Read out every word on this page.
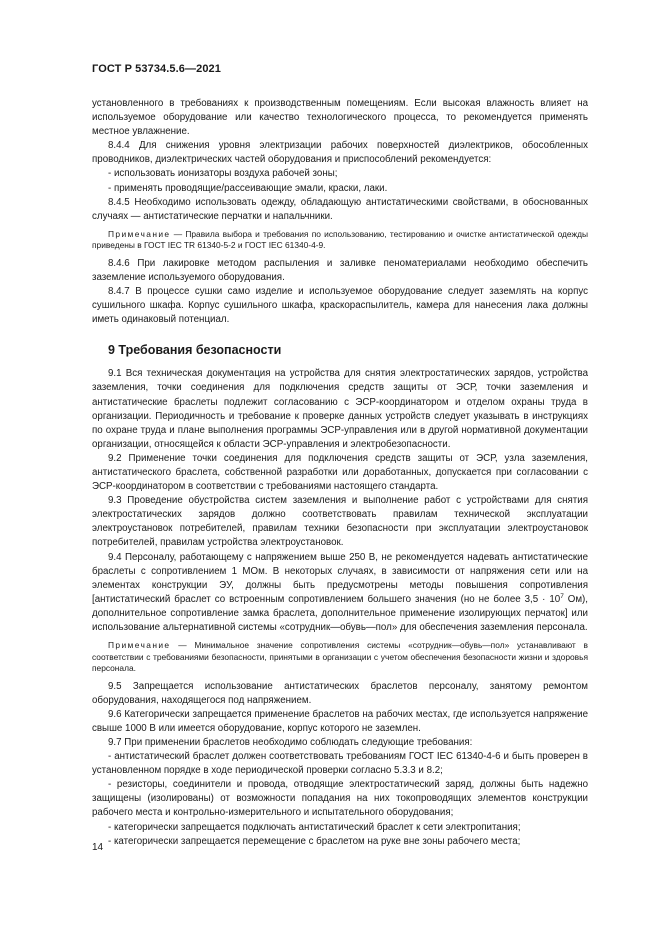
ГОСТ Р 53734.5.6—2021

установленного в требованиях к производственным помещениям. Если высокая влажность влияет на используемое оборудование или качество технологического процесса, то рекомендуется применять местное увлажнение.

8.4.4 Для снижения уровня электризации рабочих поверхностей диэлектриков, обособленных проводников, диэлектрических частей оборудования и приспособлений рекомендуется:

- использовать ионизаторы воздуха рабочей зоны;

- применять проводящие/рассеивающие эмали, краски, лаки.

8.4.5 Необходимо использовать одежду, обладающую антистатическими свойствами, в обоснованных случаях — антистатические перчатки и напальчники.

Примечание — Правила выбора и требования по использованию, тестированию и очистке антистатической одежды приведены в ГОСТ IEC TR 61340-5-2 и ГОСТ IEC 61340-4-9.

8.4.6 При лакировке методом распыления и заливке пеноматериалами необходимо обеспечить заземление используемого оборудования.

8.4.7 В процессе сушки само изделие и используемое оборудование следует заземлять на корпус сушильного шкафа. Корпус сушильного шкафа, краскораспылитель, камера для нанесения лака должны иметь одинаковый потенциал.

9 Требования безопасности

9.1 Вся техническая документация на устройства для снятия электростатических зарядов, устройства заземления, точки соединения для подключения средств защиты от ЭСР, точки заземления и антистатические браслеты подлежит согласованию с ЭСР-координатором и отделом охраны труда в организации. Периодичность и требование к проверке данных устройств следует указывать в инструкциях по охране труда и плане выполнения программы ЭСР-управления или в другой нормативной документации организации, относящейся к области ЭСР-управления и электробезопасности.

9.2 Применение точки соединения для подключения средств защиты от ЭСР, узла заземления, антистатического браслета, собственной разработки или доработанных, допускается при согласовании с ЭСР-координатором в соответствии с требованиями настоящего стандарта.

9.3 Проведение обустройства систем заземления и выполнение работ с устройствами для снятия электростатических зарядов должно соответствовать правилам технической эксплуатации электроустановок потребителей, правилам техники безопасности при эксплуатации электроустановок потребителей, правилам устройства электроустановок.

9.4 Персоналу, работающему с напряжением выше 250 В, не рекомендуется надевать антистатические браслеты с сопротивлением 1 МОм. В некоторых случаях, в зависимости от напряжения сети или на элементах конструкции ЭУ, должны быть предусмотрены методы повышения сопротивления [антистатический браслет со встроенным сопротивлением большего значения (но не более $3,5 \cdot 10^7$ Ом), дополнительное сопротивление замка браслета, дополнительное применение изолирующих перчаток] или использование альтернативной системы «сотрудник—обувь—пол» для обеспечения заземления персонала.

Примечание — Минимальное значение сопротивления системы «сотрудник—обувь—пол» устанавливают в соответствии с требованиями безопасности, принятыми в организации с учетом обеспечения безопасности жизни и здоровья персонала.

9.5 Запрещается использование антистатических браслетов персоналу, занятому ремонтом оборудования, находящегося под напряжением.

9.6 Категорически запрещается применение браслетов на рабочих местах, где используется напряжение свыше 1000 В или имеется оборудование, корпус которого не заземлен.

9.7 При применении браслетов необходимо соблюдать следующие требования:

- антистатический браслет должен соответствовать требованиям ГОСТ IEC 61340-4-6 и быть проверен в установленном порядке в ходе периодической проверки согласно 5.3.3 и 8.2;

- резисторы, соединители и провода, отводящие электростатический заряд, должны быть надежно защищены (изолированы) от возможности попадания на них токопроводящих элементов конструкции рабочего места и контрольно-измерительного и испытательного оборудования;

- категорически запрещается подключать антистатический браслет к сети электропитания;

- категорически запрещается перемещение с браслетом на руке вне зоны рабочего места;

14
